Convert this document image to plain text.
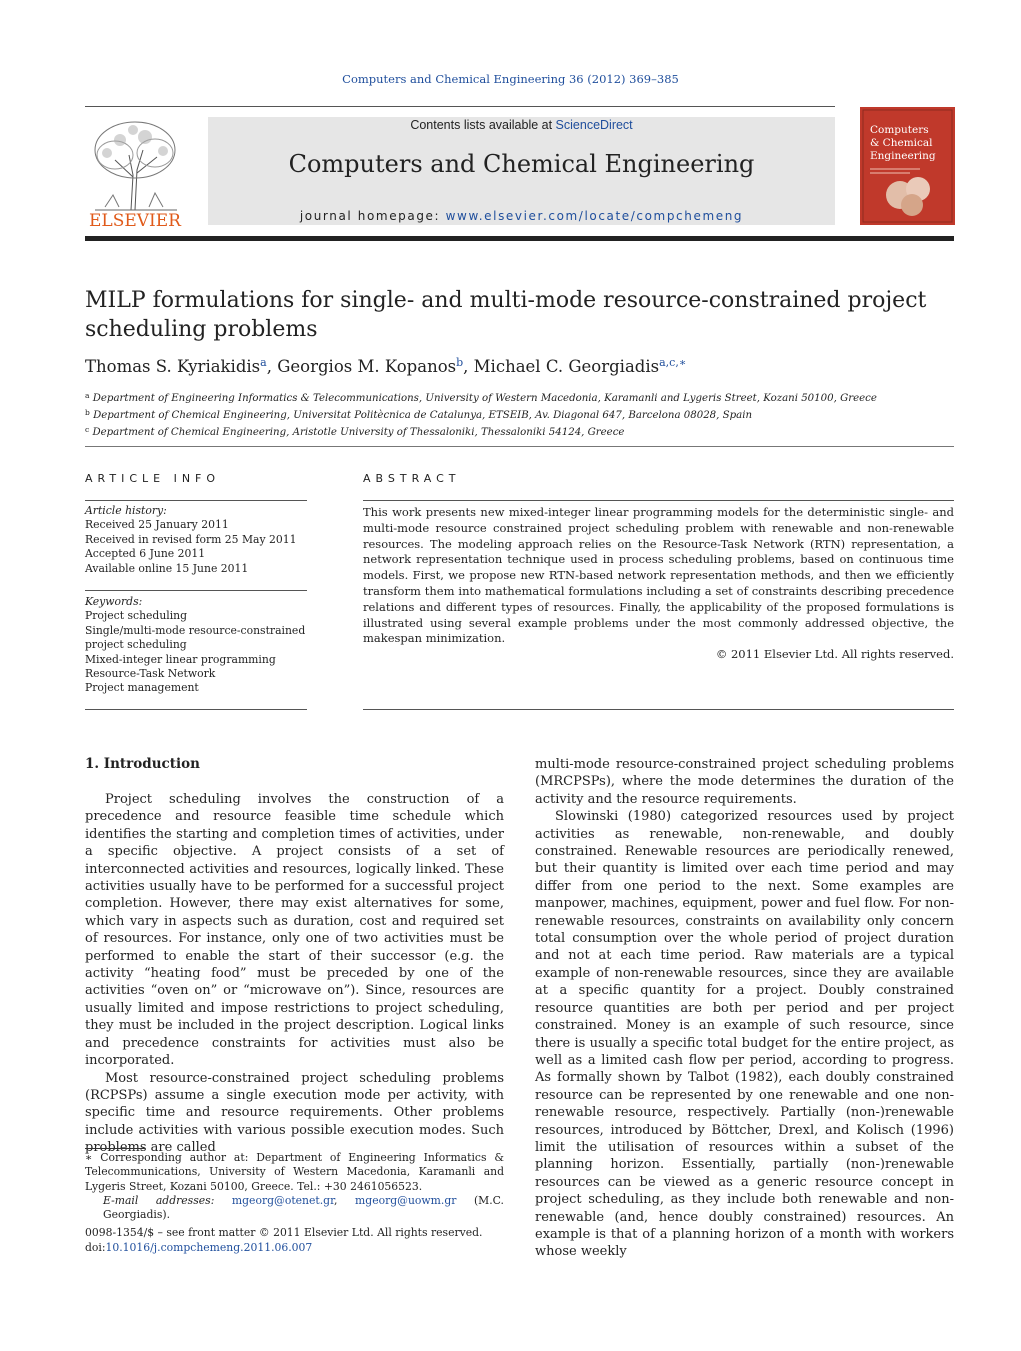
Computers and Chemical Engineering 36 (2012) 369–385
ELSEVIER
Contents lists available at ScienceDirect
Computers and Chemical Engineering
journal homepage: www.elsevier.com/locate/compchemeng
Computers
& Chemical
Engineering
MILP formulations for single- and multi-mode resource-constrained project scheduling problems
Thomas S. Kyriakidis$^a$, Georgios M. Kopanos$^b$, Michael C. Georgiadis$^{a,c,∗}$
$^a$ Department of Engineering Informatics & Telecommunications, University of Western Macedonia, Karamanli and Lygeris Street, Kozani 50100, Greece
$^b$ Department of Chemical Engineering, Universitat Politècnica de Catalunya, ETSEIB, Av. Diagonal 647, Barcelona 08028, Spain
$^c$ Department of Chemical Engineering, Aristotle University of Thessaloniki, Thessaloniki 54124, Greece
ARTICLE INFO
Article history:
Received 25 January 2011
Received in revised form 25 May 2011
Accepted 6 June 2011
Available online 15 June 2011
Keywords:
Project scheduling
Single/multi-mode resource-constrained
project scheduling
Mixed-integer linear programming
Resource-Task Network
Project management
ABSTRACT

This work presents new mixed-integer linear programming models for the deterministic single- and multi-mode resource constrained project scheduling problem with renewable and non-renewable resources. The modeling approach relies on the Resource-Task Network (RTN) representation, a network representation technique used in process scheduling problems, based on continuous time models. First, we propose new RTN-based network representation methods, and then we efficiently transform them into mathematical formulations including a set of constraints describing precedence relations and different types of resources. Finally, the applicability of the proposed formulations is illustrated using several example problems under the most commonly addressed objective, the makespan minimization.

© 2011 Elsevier Ltd. All rights reserved.

1. Introduction

Project scheduling involves the construction of a precedence and resource feasible time schedule which identifies the starting and completion times of activities, under a specific objective. A project consists of a set of interconnected activities and resources, logically linked. These activities usually have to be performed for a successful project completion. However, there may exist alternatives for some, which vary in aspects such as duration, cost and required set of resources. For instance, only one of two activities must be performed to enable the start of their successor (e.g. the activity “heating food” must be preceded by one of the activities “oven on” or “microwave on”). Since, resources are usually limited and impose restrictions to project scheduling, they must be included in the project description. Logical links and precedence constraints for activities must also be incorporated.

Most resource-constrained project scheduling problems (RCPSPs) assume a single execution mode per activity, with specific time and resource requirements. Other problems include activities with various possible execution modes. Such problems are called

multi-mode resource-constrained project scheduling problems (MRCPSPs), where the mode determines the duration of the activity and the resource requirements.

Slowinski (1980) categorized resources used by project activities as renewable, non-renewable, and doubly constrained. Renewable resources are periodically renewed, but their quantity is limited over each time period and may differ from one period to the next. Some examples are manpower, machines, equipment, power and fuel flow. For non-renewable resources, constraints on availability only concern total consumption over the whole period of project duration and not at each time period. Raw materials are a typical example of non-renewable resources, since they are available at a specific quantity for a project. Doubly constrained resource quantities are both per period and per project constrained. Money is an example of such resource, since there is usually a specific total budget for the entire project, as well as a limited cash flow per period, according to progress. As formally shown by Talbot (1982), each doubly constrained resource can be represented by one renewable and one non-renewable resource, respectively. Partially (non-)renewable resources, introduced by Böttcher, Drexl, and Kolisch (1996) limit the utilisation of resources within a subset of the planning horizon. Essentially, partially (non-)renewable resources can be viewed as a generic resource concept in project scheduling, as they include both renewable and non-renewable (and, hence doubly constrained) resources. An example is that of a planning horizon of a month with workers whose weekly

∗ Corresponding author at: Department of Engineering Informatics & Telecommunications, University of Western Macedonia, Karamanli and Lygeris Street, Kozani 50100, Greece. Tel.: +30 2461056523.

E-mail addresses: mgeorg@otenet.gr, mgeorg@uowm.gr (M.C. Georgiadis).

0098-1354/$ – see front matter © 2011 Elsevier Ltd. All rights reserved.
doi:10.1016/j.compchemeng.2011.06.007
